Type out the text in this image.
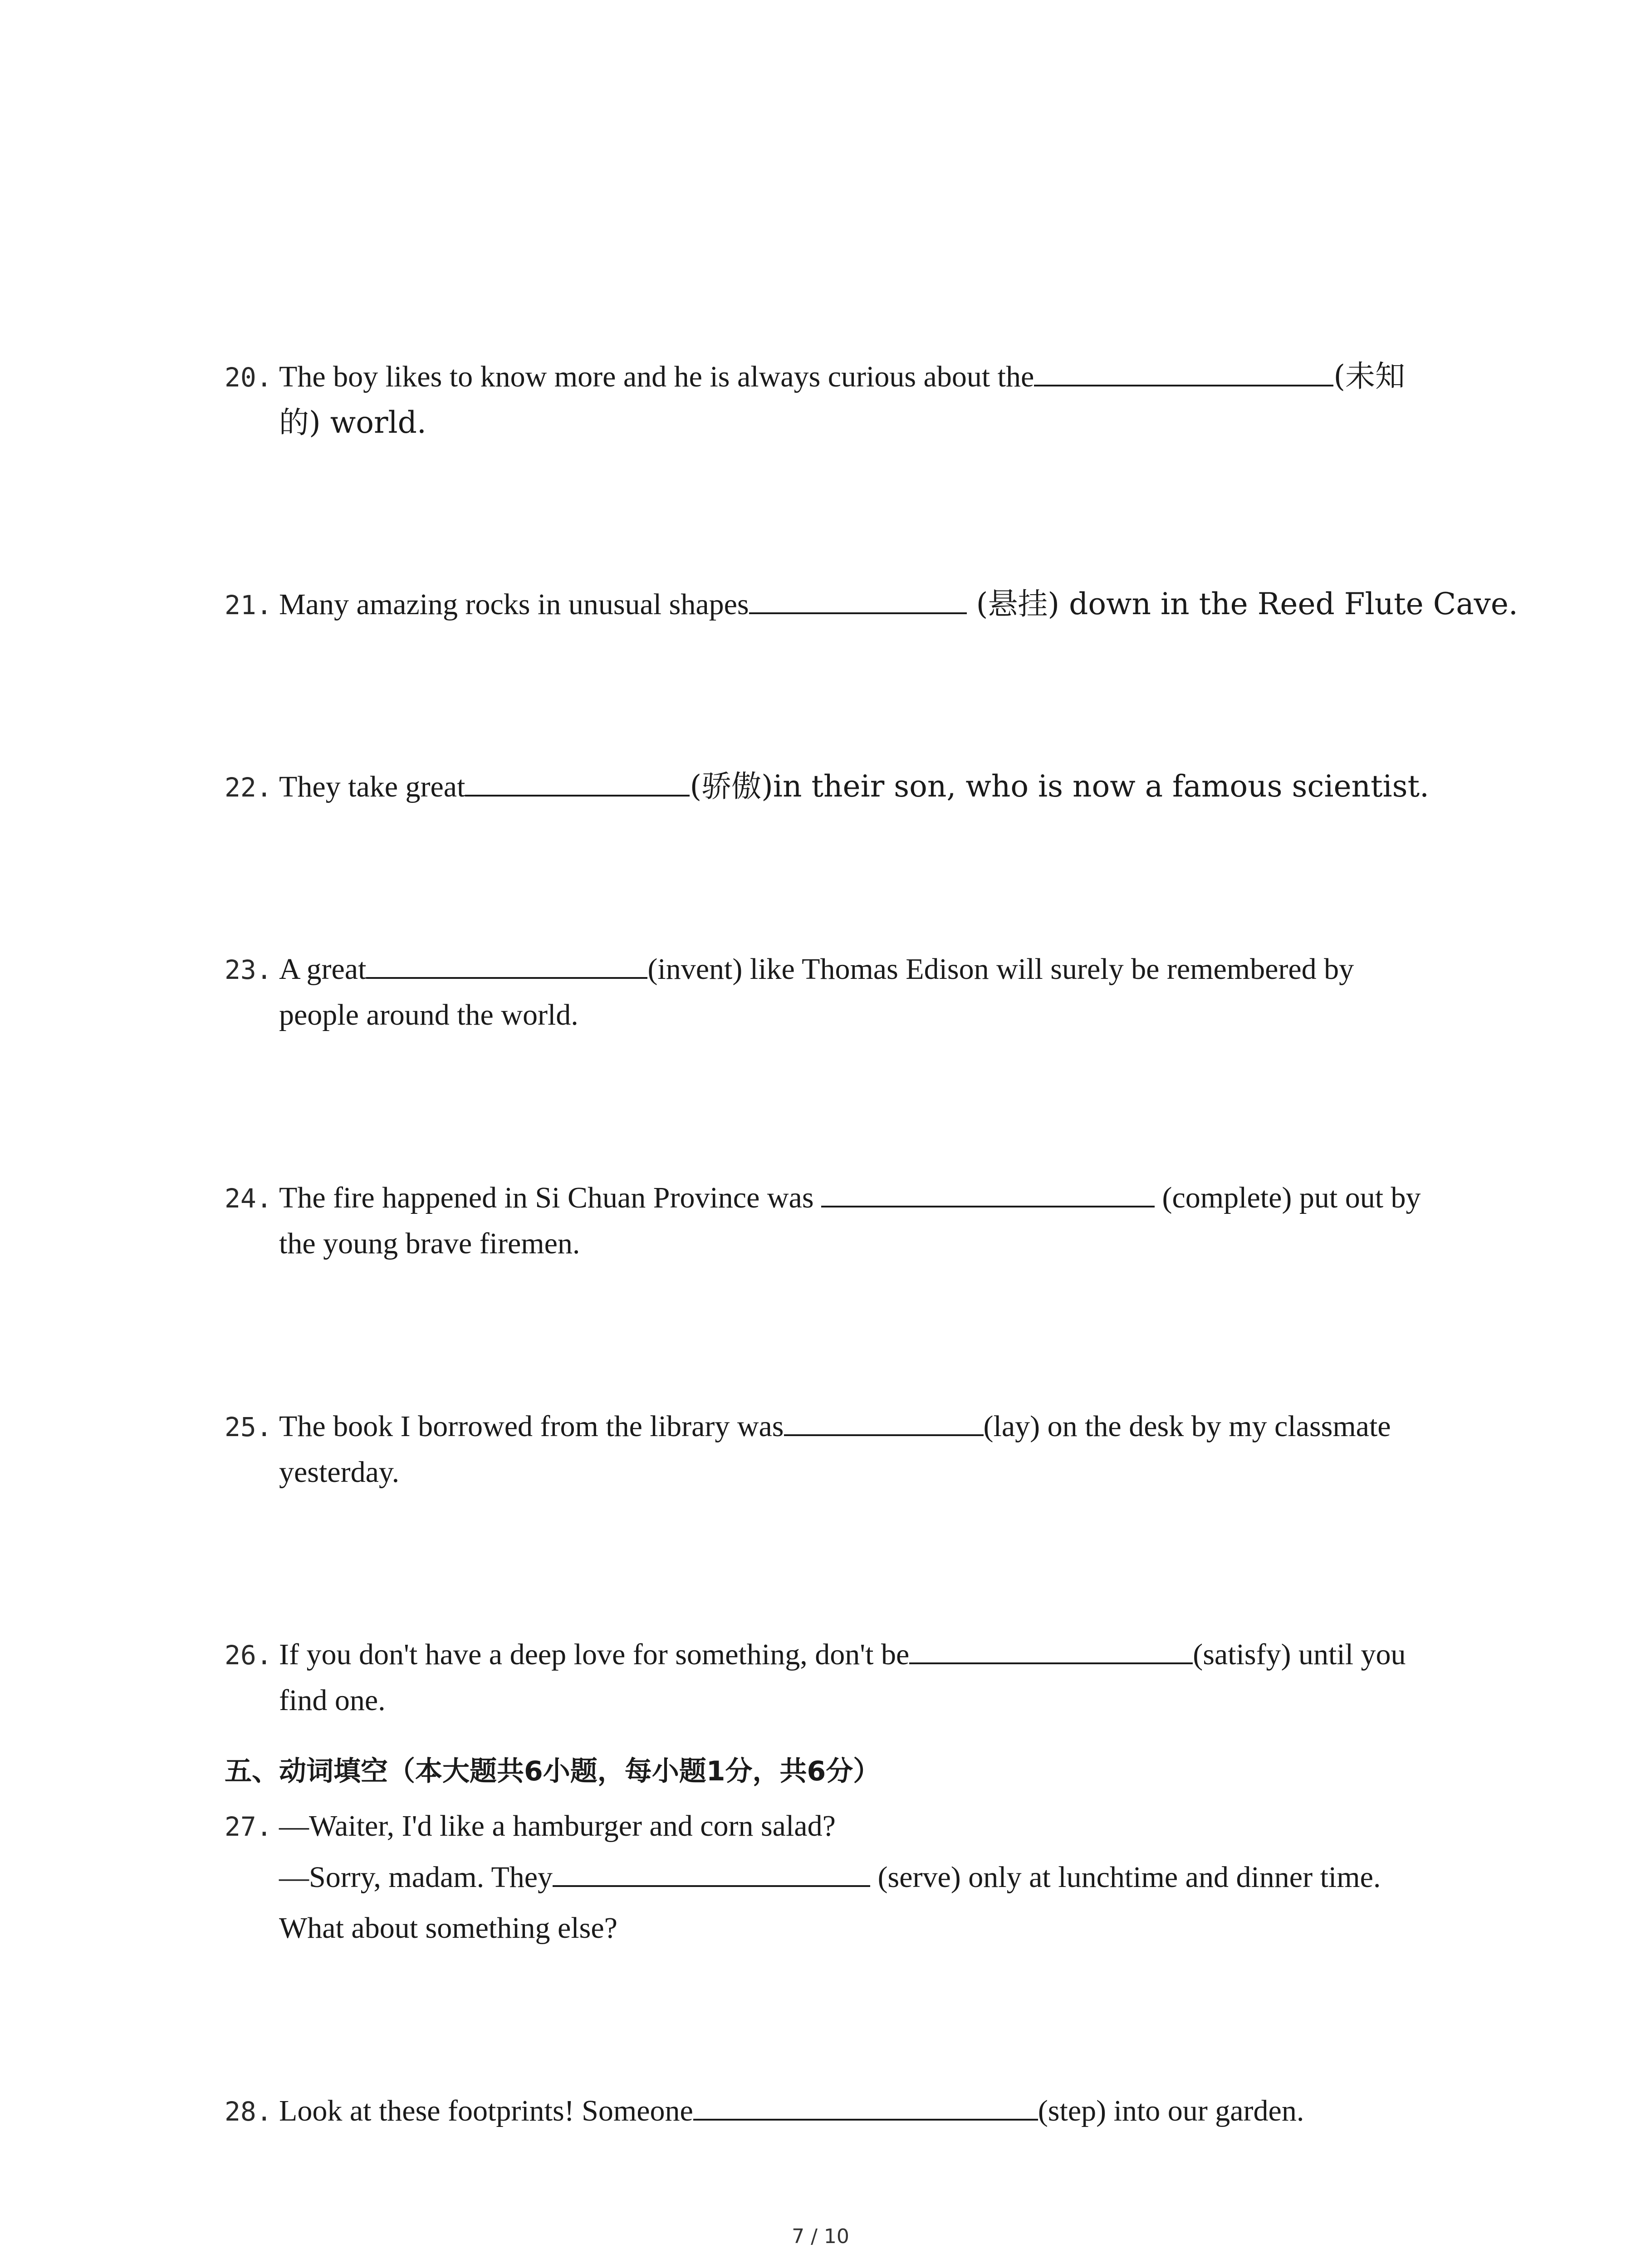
20. The boy likes to know more and he is always curious about the	(未知
的) world.
21. Many amazing rocks in unusual shapes	(悬挂) down in the Reed Flute Cave.
22. They take great	(骄傲)in their son, who is now a famous scientist.
23. A great	(invent) like Thomas Edison will surely be remembered by
people around the world.
24. The fire happened in Si Chuan Province was	(complete) put out by
the young brave firemen.
25. The book I borrowed from the library was	(lay) on the desk by my classmate
yesterday.
26. If you don't have a deep love for something, don't be	(satisfy) until you
find one.
五、动词填空（本大题共6小题，每小题1分，共6分）
27. —Waiter, I'd like a hamburger and corn salad?
—Sorry, madam. They	(serve) only at lunchtime and dinner time.
What about something else?
28. Look at these footprints! Someone	(step) into our garden.
7 / 10
